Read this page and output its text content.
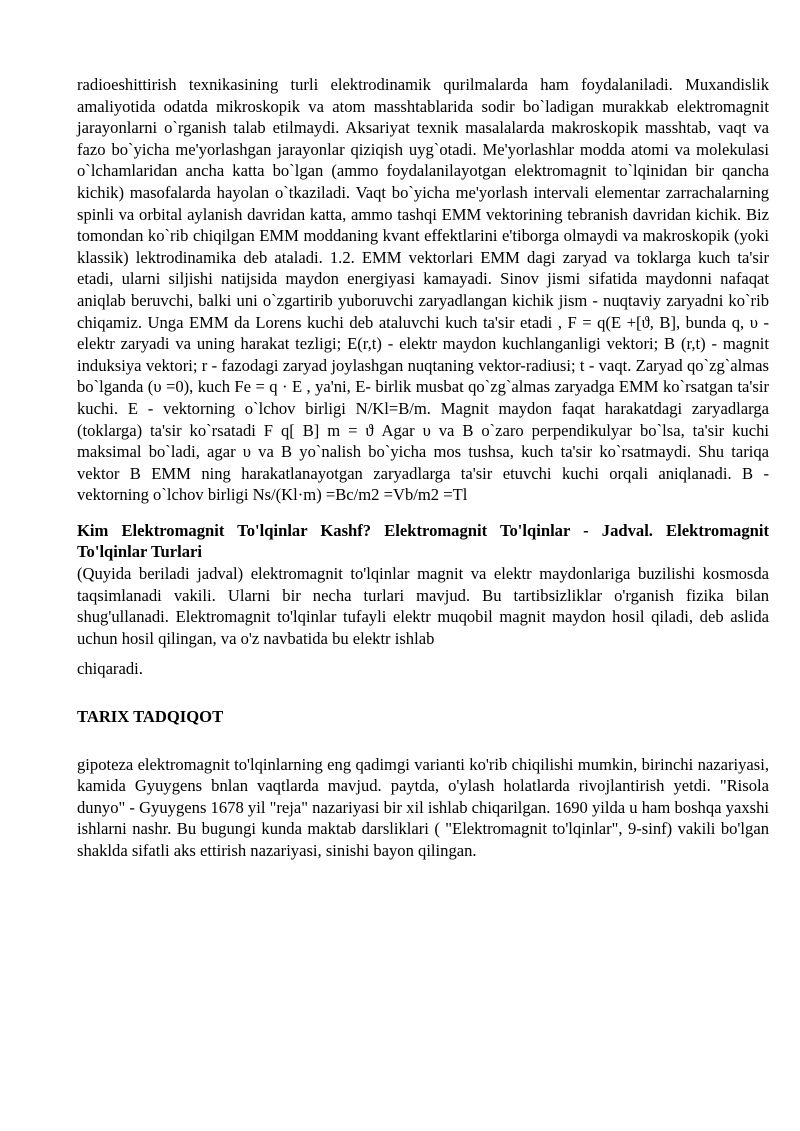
radioeshittirish texnikasining turli elektrodinamik qurilmalarda ham foydalaniladi. Muxandislik amaliyotida odatda mikroskopik va atom masshtablarida sodir bo`ladigan murakkab elektromagnit jarayonlarni o`rganish talab etilmaydi. Aksariyat texnik masalalarda makroskopik masshtab, vaqt va fazo bo`yicha me'yorlashgan jarayonlar qiziqish uyg`otadi. Me'yorlashlar modda atomi va molekulasi o`lchamlaridan ancha katta bo`lgan (ammo foydalanilayotgan elektromagnit to`lqinidan bir qancha kichik) masofalarda hayolan o`tkaziladi. Vaqt bo`yicha me'yorlash intervali elementar zarrachalarning spinli va orbital aylanish davridan katta, ammo tashqi EMM vektorining tebranish davridan kichik. Biz tomondan ko`rib chiqilgan EMM moddaning kvant effektlarini e'tiborga olmaydi va makroskopik (yoki klassik) lektrodinamika deb ataladi. 1.2. EMM vektorlari EMM dagi zaryad va toklarga kuch ta'sir etadi, ularni siljishi natijsida maydon energiyasi kamayadi. Sinov jismi sifatida maydonni nafaqat aniqlab beruvchi, balki uni o`zgartirib yuboruvchi zaryadlangan kichik jism - nuqtaviy zaryadni ko`rib chiqamiz. Unga EMM da Lorens kuchi deb ataluvchi kuch ta'sir etadi , F = q(E +[ϑ, B], bunda q, υ - elektr zaryadi va uning harakat tezligi; E(r,t) - elektr maydon kuchlanganligi vektori; B (r,t) - magnit induksiya vektori; r - fazodagi zaryad joylashgan nuqtaning vektor-radiusi; t - vaqt. Zaryad qo`zg`almas bo`lganda (υ =0), kuch Fe = q · E , ya'ni, E- birlik musbat qo`zg`almas zaryadga EMM ko`rsatgan ta'sir kuchi. E - vektorning o`lchov birligi N/Kl=B/m. Magnit maydon faqat harakatdagi zaryadlarga (toklarga) ta'sir ko`rsatadi F q[ B] m = ϑ Agar υ va B o`zaro perpendikulyar bo`lsa, ta'sir kuchi maksimal bo`ladi, agar υ va B yo`nalish bo`yicha mos tushsa, kuch ta'sir ko`rsatmaydi. Shu tariqa vektor B EMM ning harakatlanayotgan zaryadlarga ta'sir etuvchi kuchi orqali aniqlanadi. B - vektorning o`lchov birligi Ns/(Kl·m) =Bc/m2 =Vb/m2 =Tl

Kim Elektromagnit To'lqinlar Kashf? Elektromagnit To'lqinlar - Jadval. Elektromagnit To'lqinlar Turlari

(Quyida beriladi jadval) elektromagnit to'lqinlar magnit va elektr maydonlariga buzilishi kosmosda taqsimlanadi vakili. Ularni bir necha turlari mavjud. Bu tartibsizliklar o'rganish fizika bilan shug'ullanadi. Elektromagnit to'lqinlar tufayli elektr muqobil magnit maydon hosil qiladi, deb aslida uchun hosil qilingan, va o'z navbatida bu elektr ishlab

chiqaradi.

TARIX TADQIQOT

gipoteza elektromagnit to'lqinlarning eng qadimgi varianti ko'rib chiqilishi mumkin, birinchi nazariyasi, kamida Gyuygens bnlan vaqtlarda mavjud. paytda, o'ylash holatlarda rivojlantirish yetdi. "Risola dunyo" - Gyuygens 1678 yil "reja" nazariyasi bir xil ishlab chiqarilgan. 1690 yilda u ham boshqa yaxshi ishlarni nashr. Bu bugungi kunda maktab darsliklari ( "Elektromagnit to'lqinlar", 9-sinf) vakili bo'lgan shaklda sifatli aks ettirish nazariyasi, sinishi bayon qilingan.
